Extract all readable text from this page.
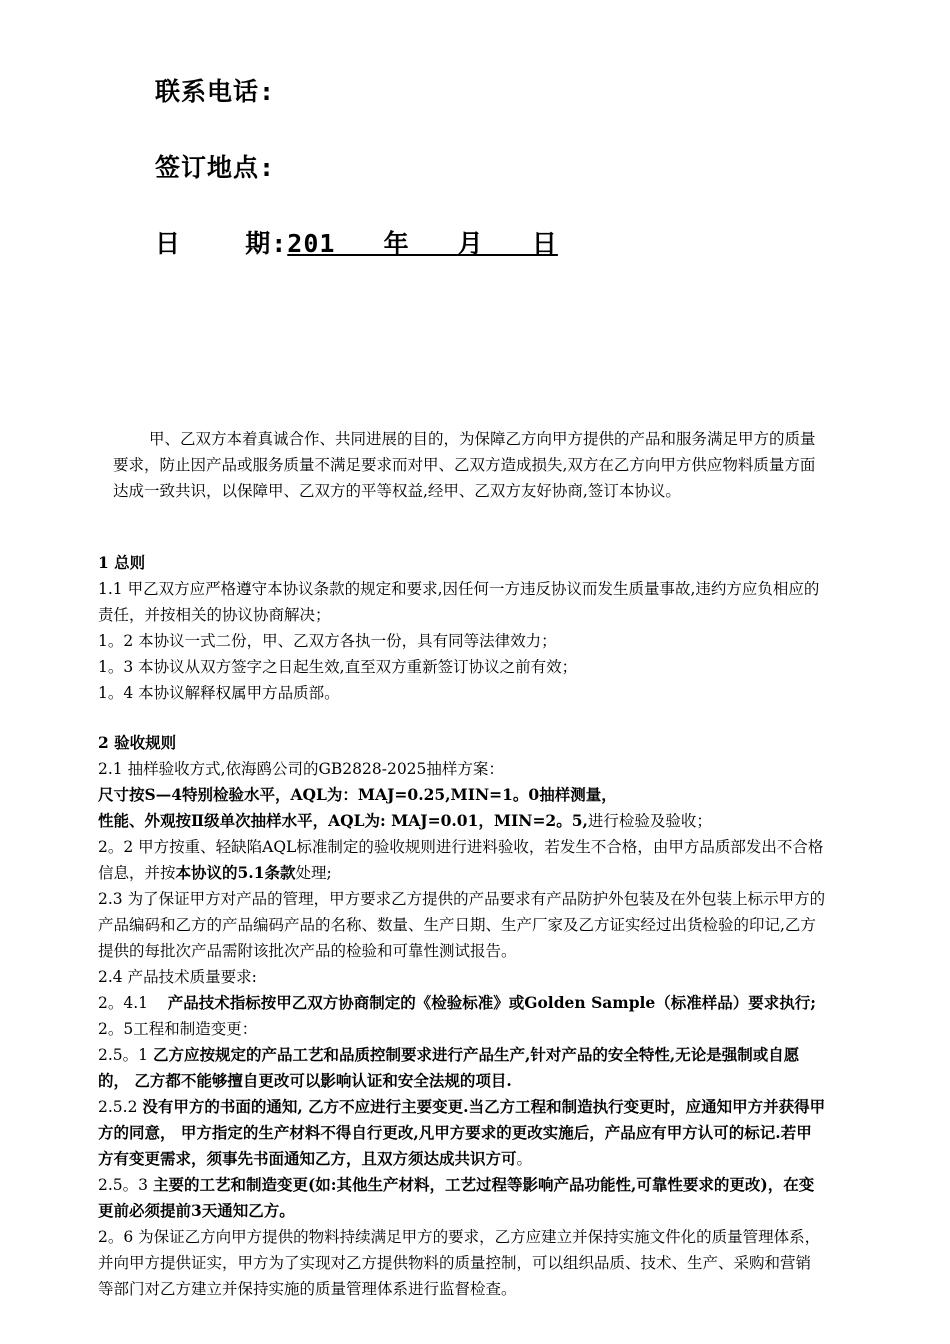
联系电话:
签订地点:
日    期:201   年   月   日
甲、乙双方本着真诚合作、共同进展的目的，为保障乙方向甲方提供的产品和服务满足甲方的质量要求，防止因产品或服务质量不满足要求而对甲、乙双方造成损失,双方在乙方向甲方供应物料质量方面达成一致共识，以保障甲、乙双方的平等权益,经甲、乙双方友好协商,签订本协议。

1 总则

1.1 甲乙双方应严格遵守本协议条款的规定和要求,因任何一方违反协议而发生质量事故,违约方应负相应的责任，并按相关的协议协商解决；

1。2 本协议一式二份，甲、乙双方各执一份，具有同等法律效力；

1。3 本协议从双方签字之日起生效,直至双方重新签订协议之前有效；

1。4 本协议解释权属甲方品质部。

2 验收规则

2.1 抽样验收方式,依海鸥公司的GB2828-2025抽样方案：

尺寸按S—4特别检验水平，AQL为：MAJ=0.25,MIN=1。0抽样测量，

性能、外观按Ⅱ级单次抽样水平，AQL为: MAJ=0.01，MIN=2。5,进行检验及验收；

2。2 甲方按重、轻缺陷AQL标准制定的验收规则进行进料验收，若发生不合格，由甲方品质部发出不合格信息，并按本协议的5.1条款处理;

2.3 为了保证甲方对产品的管理，甲方要求乙方提供的产品要求有产品防护外包装及在外包装上标示甲方的产品编码和乙方的产品编码产品的名称、数量、生产日期、生产厂家及乙方证实经过出货检验的印记,乙方提供的每批次产品需附该批次产品的检验和可靠性测试报告。

2.4 产品技术质量要求:

2。4.1    产品技术指标按甲乙双方协商制定的《检验标准》或Golden Sample（标准样品）要求执行;

2。5工程和制造变更：

2.5。1 乙方应按规定的产品工艺和品质控制要求进行产品生产,针对产品的安全特性,无论是强制或自愿的， 乙方都不能够擅自更改可以影响认证和安全法规的项目.

2.5.2 没有甲方的书面的通知, 乙方不应进行主要变更.当乙方工程和制造执行变更时，应通知甲方并获得甲方的同意， 甲方指定的生产材料不得自行更改,凡甲方要求的更改实施后，产品应有甲方认可的标记.若甲方有变更需求，须事先书面通知乙方，且双方须达成共识方可。

2.5。3 主要的工艺和制造变更(如:其他生产材料，工艺过程等影响产品功能性,可靠性要求的更改)，在变更前必须提前3天通知乙方。

2。6 为保证乙方向甲方提供的物料持续满足甲方的要求，乙方应建立并保持实施文件化的质量管理体系，并向甲方提供证实，甲方为了实现对乙方提供物料的质量控制，可以组织品质、技术、生产、采购和营销等部门对乙方建立并保持实施的质量管理体系进行监督检查。
